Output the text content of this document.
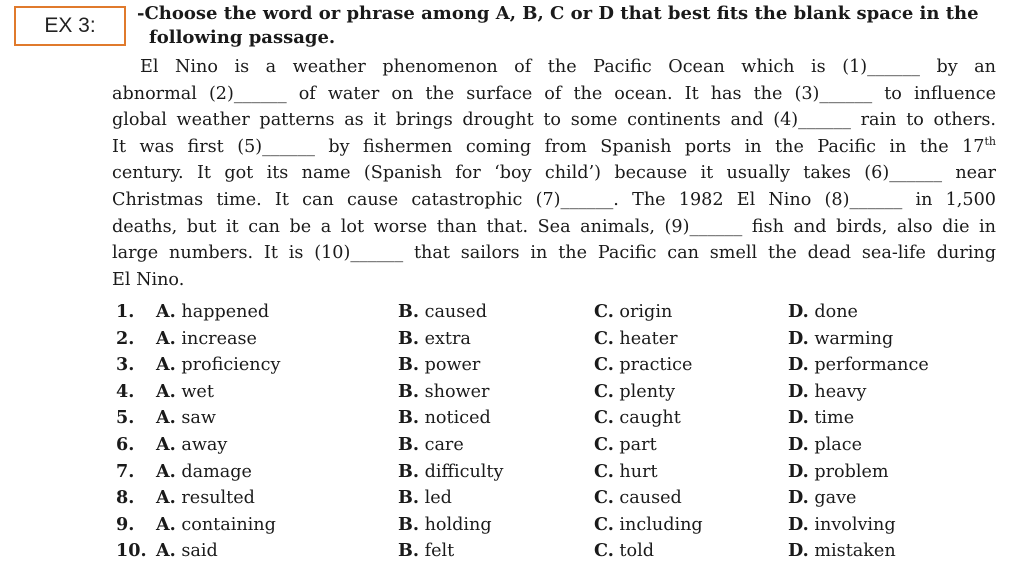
EX 3:
-Choose the word or phrase among A, B, C or D that best fits the blank space in the
following passage.
El Nino is a weather phenomenon of the Pacific Ocean which is (1)______ by an
abnormal (2)______ of water on the surface of the ocean. It has the (3)______ to influence
global weather patterns as it brings drought to some continents and (4)______ rain to others.
It was first (5)______ by fishermen coming from Spanish ports in the Pacific in the 17th
century. It got its name (Spanish for ‘boy child’) because it usually takes (6)______ near
Christmas time. It can cause catastrophic (7)______. The 1982 El Nino (8)______ in 1,500
deaths, but it can be a lot worse than that. Sea animals, (9)______ fish and birds, also die in
large numbers. It is (10)______ that sailors in the Pacific can smell the dead sea-life during
El Nino.
1. A. happened	B. caused	C. origin	D. done
2. A. increase	B. extra	C. heater	D. warming
3. A. proficiency	B. power	C. practice	D. performance
4. A. wet	B. shower	C. plenty	D. heavy
5. A. saw	B. noticed	C. caught	D. time
6. A. away	B. care	C. part	D. place
7. A. damage	B. difficulty	C. hurt	D. problem
8. A. resulted	B. led	C. caused	D. gave
9. A. containing	B. holding	C. including	D. involving
10. A. said	B. felt	C. told	D. mistaken
